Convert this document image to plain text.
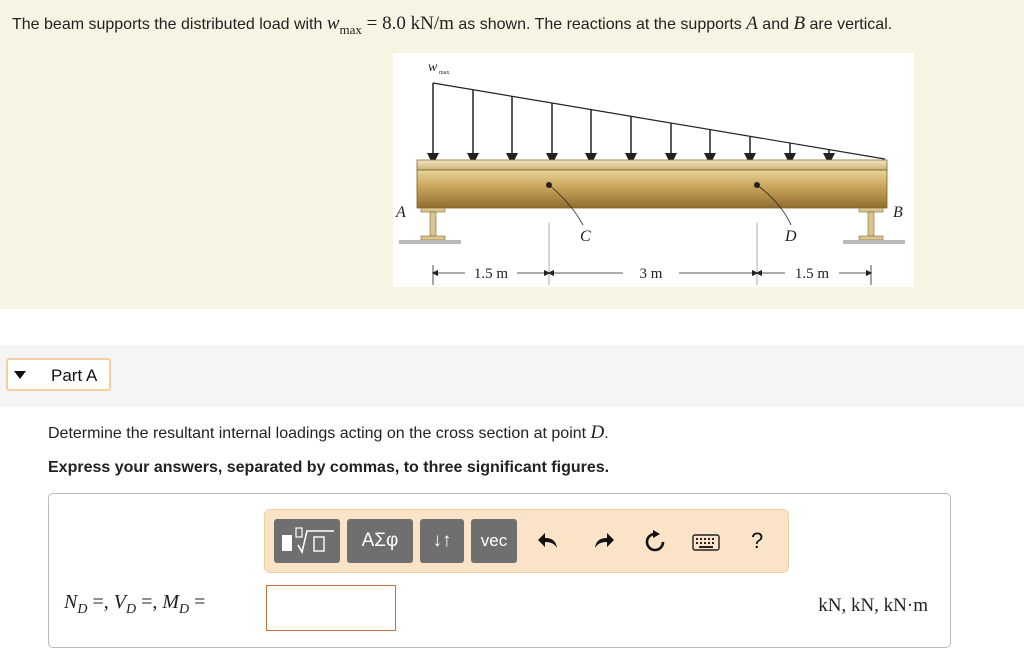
The beam supports the distributed load with $w_{max} = 8.0$ kN/m as shown. The reactions at the supports A and B are vertical.
w max
A	B
C	D
1.5 m	3 m	1.5 m
Part A
Determine the resultant internal loadings acting on the cross section at point D.
Express your answers, separated by commas, to three significant figures.
ΑΣφ	↓↑	vec	?
$N_D$ =, $V_D$ =, $M_D$ =	kN, kN, kN·m
